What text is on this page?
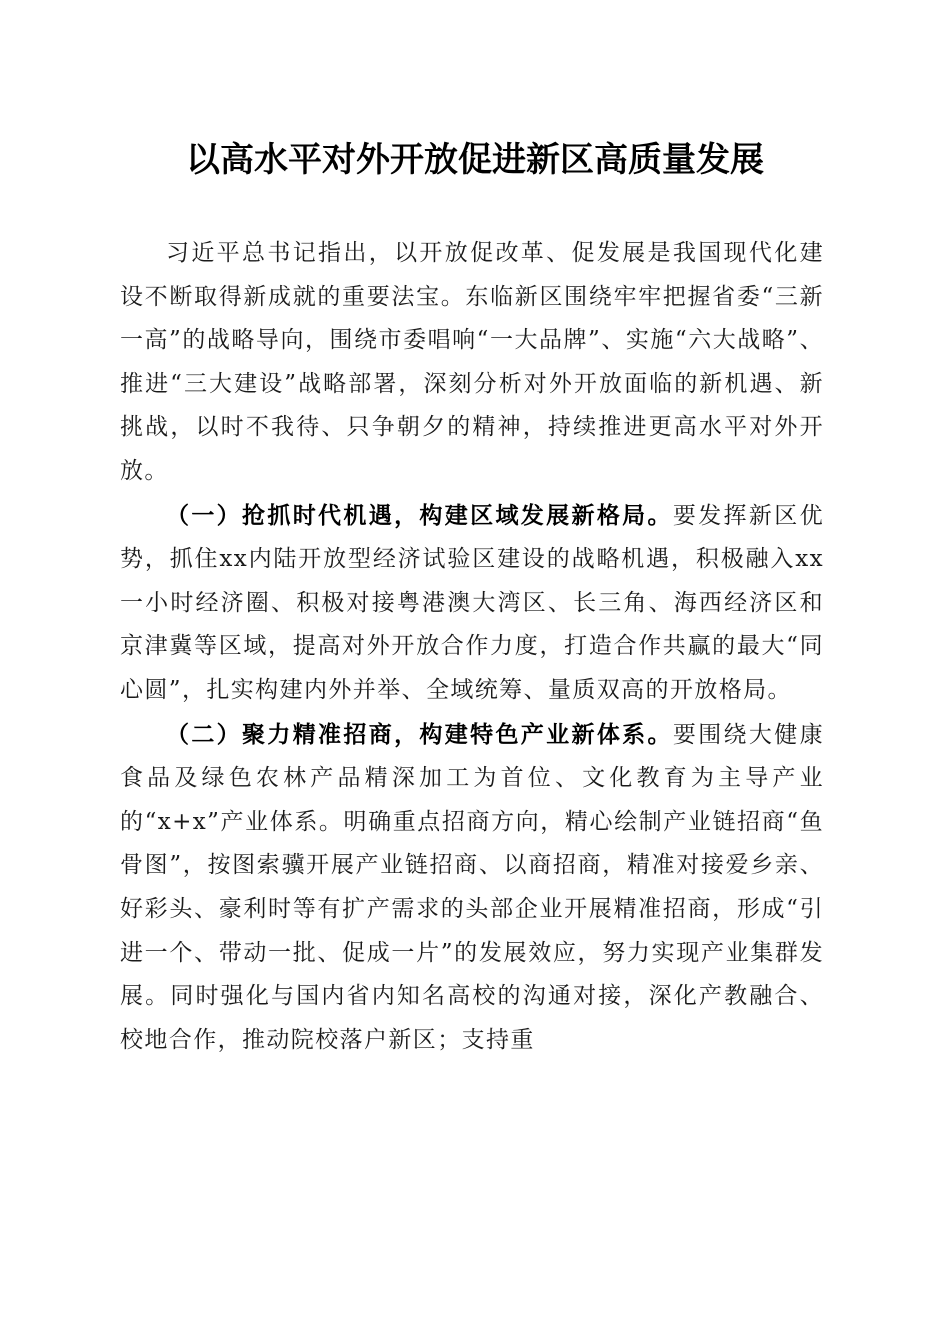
以高水平对外开放促进新区高质量发展

习近平总书记指出，以开放促改革、促发展是我国现代化建设不断取得新成就的重要法宝。东临新区围绕牢牢把握省委“三新一高”的战略导向，围绕市委唱响“一大品牌”、实施“六大战略”、推进“三大建设”战略部署，深刻分析对外开放面临的新机遇、新挑战，以时不我待、只争朝夕的精神，持续推进更高水平对外开放。

（一）抢抓时代机遇，构建区域发展新格局。要发挥新区优势，抓住xx内陆开放型经济试验区建设的战略机遇，积极融入xx一小时经济圈、积极对接粤港澳大湾区、长三角、海西经济区和京津冀等区域，提高对外开放合作力度，打造合作共赢的最大“同心圆”，扎实构建内外并举、全域统筹、量质双高的开放格局。

（二）聚力精准招商，构建特色产业新体系。要围绕大健康食品及绿色农林产品精深加工为首位、文化教育为主导产业的“x+x”产业体系。明确重点招商方向，精心绘制产业链招商“鱼骨图”，按图索骥开展产业链招商、以商招商，精准对接爱乡亲、好彩头、豪利时等有扩产需求的头部企业开展精准招商，形成“引进一个、带动一批、促成一片”的发展效应，努力实现产业集群发展。同时强化与国内省内知名高校的沟通对接，深化产教融合、校地合作，推动院校落户新区；支持重
